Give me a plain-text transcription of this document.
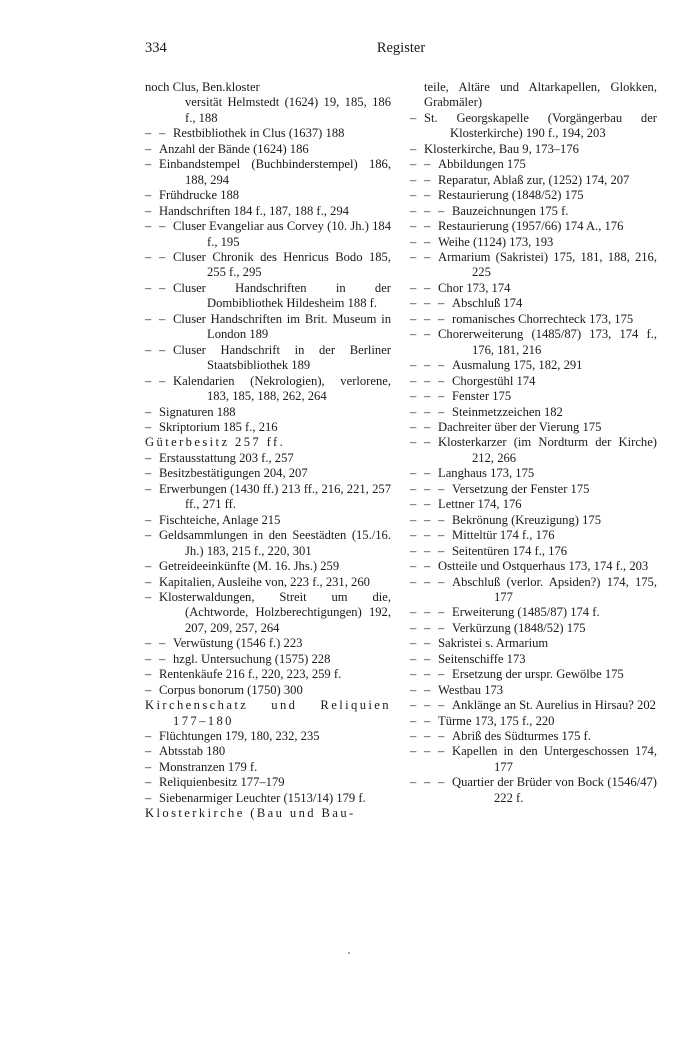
334	Register
noch Clus, Ben.kloster
versität Helmstedt (1624) 19, 185, 186 f., 188
– – Restbibliothek in Clus (1637) 188
– Anzahl der Bände (1624) 186
– Einbandstempel (Buchbinderstempel) 186, 188, 294
– Frühdrucke 188
– Handschriften 184 f., 187, 188 f., 294
– – Cluser Evangeliar aus Corvey (10. Jh.) 184 f., 195
– – Cluser Chronik des Henricus Bodo 185, 255 f., 295
– – Cluser Handschriften in der Dombibliothek Hildesheim 188 f.
– – Cluser Handschriften im Brit. Museum in London 189
– – Cluser Handschrift in der Berliner Staatsbibliothek 189
– – Kalendarien (Nekrologien), verlorene, 183, 185, 188, 262, 264
– Signaturen 188
– Skriptorium 185 f., 216
Güterbesitz 257 ff.
– Erstausstattung 203 f., 257
– Besitzbestätigungen 204, 207
– Erwerbungen (1430 ff.) 213 ff., 216, 221, 257 ff., 271 ff.
– Fischteiche, Anlage 215
– Geldsammlungen in den Seestädten (15./16. Jh.) 183, 215 f., 220, 301
– Getreideeinkünfte (M. 16. Jhs.) 259
– Kapitalien, Ausleihe von, 223 f., 231, 260
– Klosterwaldungen, Streit um die, (Achtworde, Holzberechtigungen) 192, 207, 209, 257, 264
– – Verwüstung (1546 f.) 223
– – hzgl. Untersuchung (1575) 228
– Rentenkäufe 216 f., 220, 223, 259 f.
– Corpus bonorum (1750) 300
Kirchenschatz und Reliquien 177–180
– Flüchtungen 179, 180, 232, 235
– Abtsstab 180
– Monstranzen 179 f.
– Reliquienbesitz 177–179
– Siebenarmiger Leuchter (1513/14) 179 f.
Klosterkirche (Bau und Bau-
teile, Altäre und Altarkapellen, Glokken, Grabmäler)
– St. Georgskapelle (Vorgängerbau der Klosterkirche) 190 f., 194, 203
– Klosterkirche, Bau 9, 173–176
– – Abbildungen 175
– – Reparatur, Ablaß zur, (1252) 174, 207
– – Restaurierung (1848/52) 175
– – – Bauzeichnungen 175 f.
– – Restaurierung (1957/66) 174 A., 176
– – Weihe (1124) 173, 193
– – Armarium (Sakristei) 175, 181, 188, 216, 225
– – Chor 173, 174
– – – Abschluß 174
– – – romanisches Chorrechteck 173, 175
– – Chorerweiterung (1485/87) 173, 174 f., 176, 181, 216
– – – Ausmalung 175, 182, 291
– – – Chorgestühl 174
– – – Fenster 175
– – – Steinmetzzeichen 182
– – Dachreiter über der Vierung 175
– – Klosterkarzer (im Nordturm der Kirche) 212, 266
– – Langhaus 173, 175
– – – Versetzung der Fenster 175
– – Lettner 174, 176
– – – Bekrönung (Kreuzigung) 175
– – – Mitteltür 174 f., 176
– – – Seitentüren 174 f., 176
– – Ostteile und Ostquerhaus 173, 174 f., 203
– – – Abschluß (verlor. Apsiden?) 174, 175, 177
– – – Erweiterung (1485/87) 174 f.
– – – Verkürzung (1848/52) 175
– – Sakristei s. Armarium
– – Seitenschiffe 173
– – – Ersetzung der urspr. Gewölbe 175
– – Westbau 173
– – – Anklänge an St. Aurelius in Hirsau? 202
– – Türme 173, 175 f., 220
– – – Abriß des Südturmes 175 f.
– – – Kapellen in den Untergeschossen 174, 177
– – – Quartier der Brüder von Bock (1546/47) 222 f.
